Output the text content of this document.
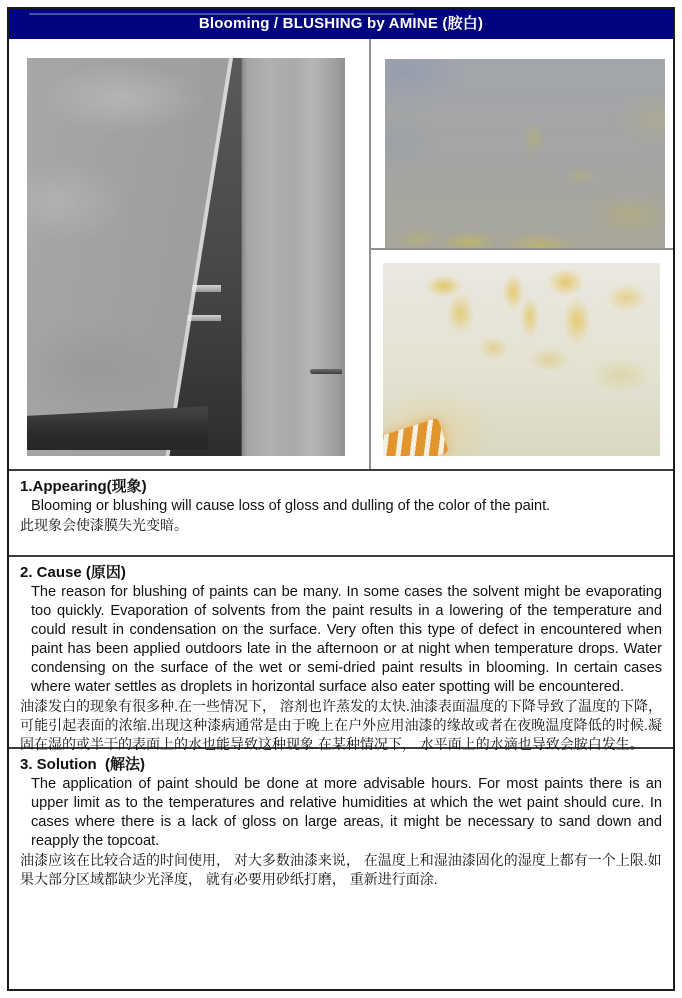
Blooming / BLUSHING by AMINE (胺白)
1.Appearing(现象)
Blooming or blushing will cause loss of gloss and dulling of the color of the paint.
此现象会使漆膜失光变暗。
2. Cause (原因)
The reason for blushing of paints can be many. In some cases the solvent might be evaporating too quickly. Evaporation of solvents from the paint results in a lowering of the temperature and could result in condensation on the surface. Very often this type of defect in encountered when paint has been applied outdoors late in the afternoon or at night when temperature drops. Water condensing on the surface of the wet or semi-dried paint results in blooming. In certain cases where water settles as droplets in horizontal surface also eater spotting will be encountered.
油漆发白的现象有很多种.在一些情况下， 溶剂也许蒸发的太快.油漆表面温度的下降导致了温度的下降， 可能引起表面的浓缩.出现这种漆病通常是由于晚上在户外应用油漆的缘故或者在夜晚温度降低的时候.凝固在湿的或半干的表面上的水也能导致这种现象.在某种情况下， 水平面上的水滴也导致会胺白发生。
3. Solution  (解法)
The application of paint should be done at more advisable hours. For most paints there is an upper limit as to the temperatures and relative humidities at which the wet paint should cure. In cases where there is a lack of gloss on large areas, it might be necessary to sand down and reapply the topcoat.
油漆应该在比较合适的时间使用， 对大多数油漆来说， 在温度上和湿油漆固化的湿度上都有一个上限.如果大部分区域都缺少光泽度， 就有必要用砂纸打磨， 重新进行面涂.
